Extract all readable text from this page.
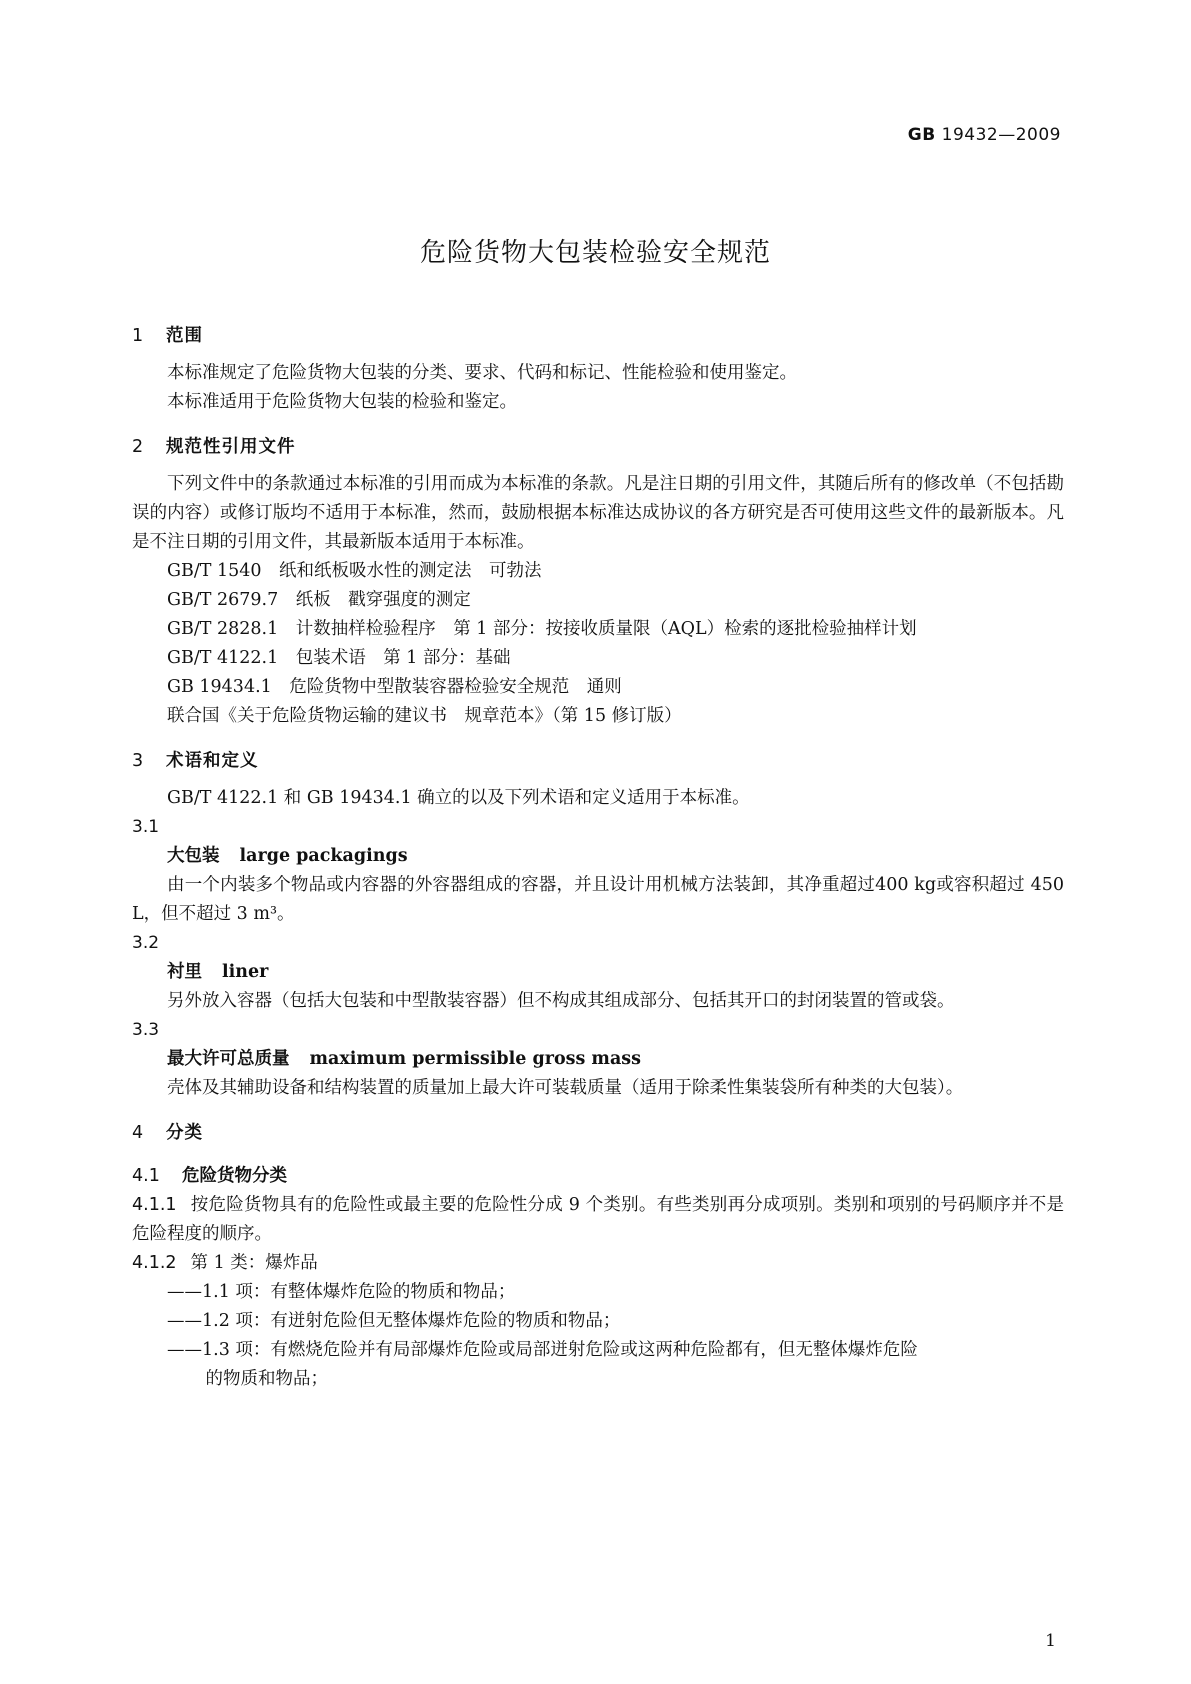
GB 19432—2009
危险货物大包装检验安全规范

1 范围

本标准规定了危险货物大包装的分类、要求、代码和标记、性能检验和使用鉴定。

本标准适用于危险货物大包装的检验和鉴定。

2 规范性引用文件

下列文件中的条款通过本标准的引用而成为本标准的条款。凡是注日期的引用文件，其随后所有的修改单（不包括勘误的内容）或修订版均不适用于本标准，然而，鼓励根据本标准达成协议的各方研究是否可使用这些文件的最新版本。凡是不注日期的引用文件，其最新版本适用于本标准。

GB/T 1540　纸和纸板吸水性的测定法　可勃法

GB/T 2679.7　纸板　戳穿强度的测定

GB/T 2828.1　计数抽样检验程序　第 1 部分：按接收质量限（AQL）检索的逐批检验抽样计划

GB/T 4122.1　包装术语　第 1 部分：基础

GB 19434.1　危险货物中型散装容器检验安全规范　通则

联合国《关于危险货物运输的建议书　规章范本》（第 15 修订版）

3 术语和定义

GB/T 4122.1 和 GB 19434.1 确立的以及下列术语和定义适用于本标准。

3.1

大包装 large packagings

由一个内装多个物品或内容器的外容器组成的容器，并且设计用机械方法装卸，其净重超过400 kg或容积超过 450 L，但不超过 3 m³。

3.2

衬里 liner

另外放入容器（包括大包装和中型散装容器）但不构成其组成部分、包括其开口的封闭装置的管或袋。

3.3

最大许可总质量 maximum permissible gross mass

壳体及其辅助设备和结构装置的质量加上最大许可装载质量（适用于除柔性集装袋所有种类的大包装）。

4 分类

4.1 危险货物分类

4.1.1 按危险货物具有的危险性或最主要的危险性分成 9 个类别。有些类别再分成项别。类别和项别的号码顺序并不是危险程度的顺序。

4.1.2 第 1 类：爆炸品

——1.1 项：有整体爆炸危险的物质和物品；

——1.2 项：有迸射危险但无整体爆炸危险的物质和物品；

——1.3 项：有燃烧危险并有局部爆炸危险或局部迸射危险或这两种危险都有，但无整体爆炸危险
的物质和物品；

1
